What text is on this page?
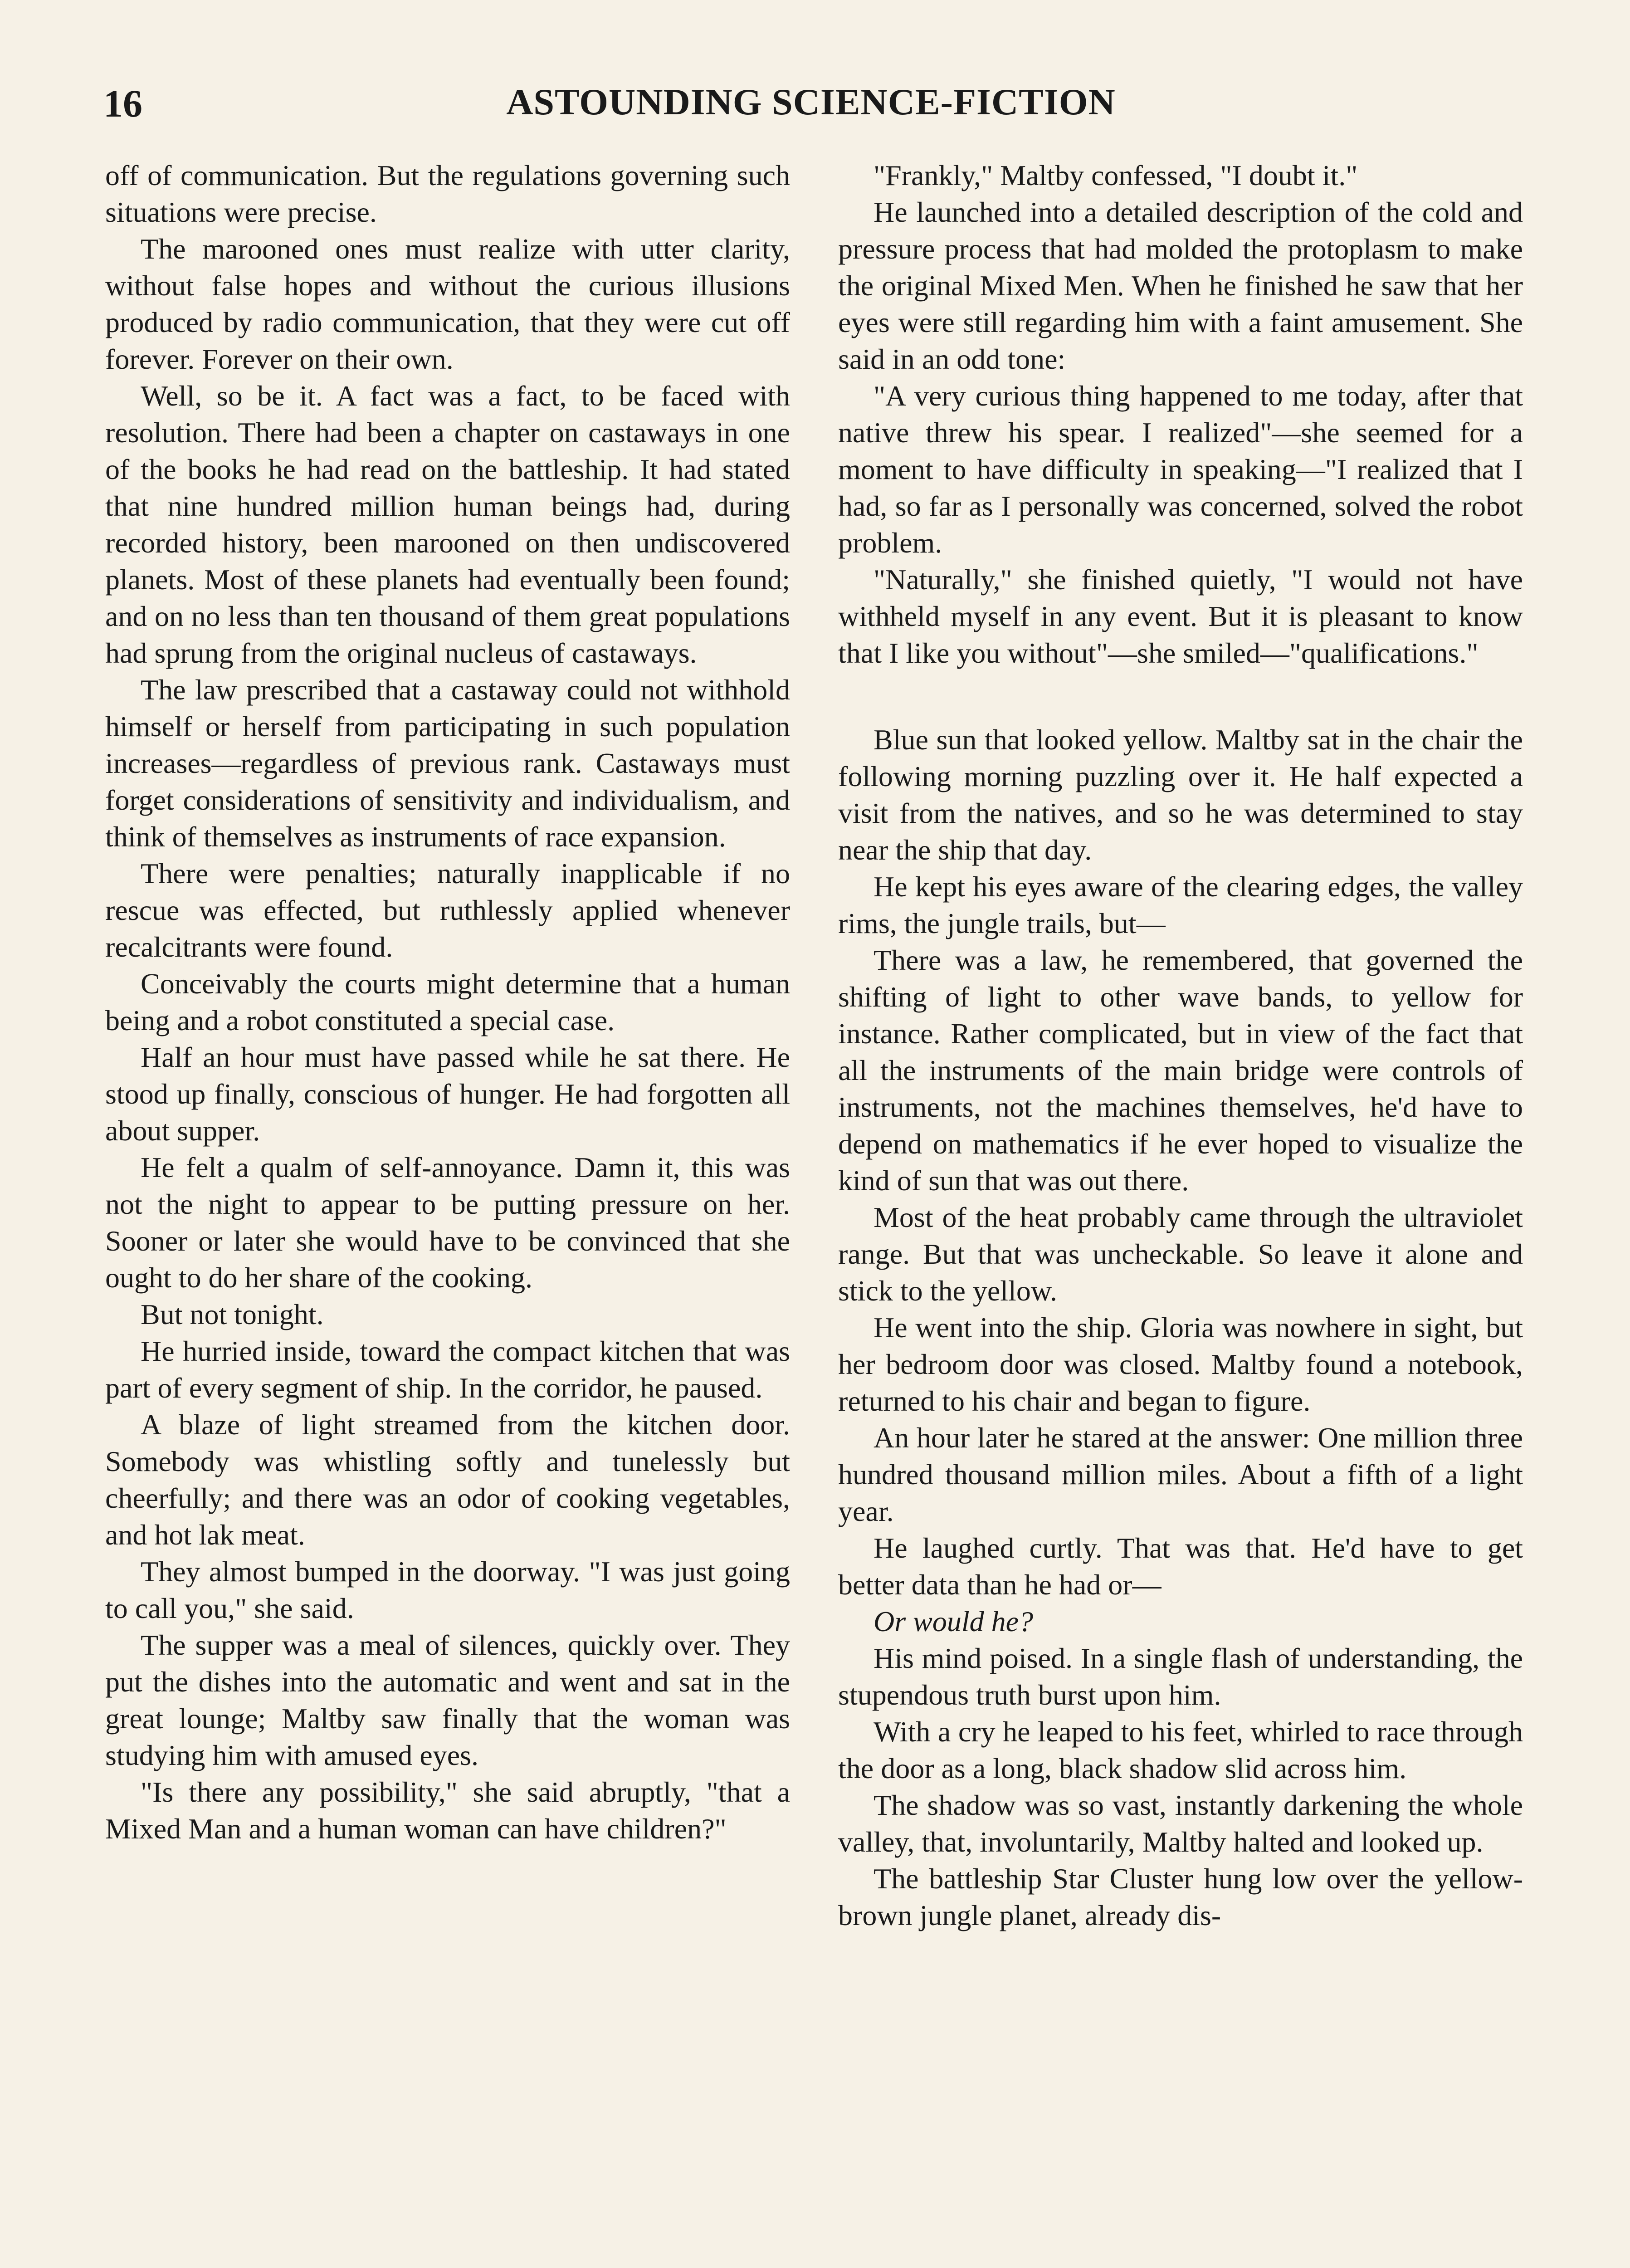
16	ASTOUNDING SCIENCE-FICTION

off of communication. But the regulations governing such situations were precise.

The marooned ones must realize with utter clarity, without false hopes and without the curious illusions produced by radio communication, that they were cut off forever. Forever on their own.

Well, so be it. A fact was a fact, to be faced with resolution. There had been a chapter on castaways in one of the books he had read on the battleship. It had stated that nine hundred million human beings had, during recorded history, been marooned on then undiscovered planets. Most of these planets had eventually been found; and on no less than ten thousand of them great populations had sprung from the original nucleus of castaways.

The law prescribed that a castaway could not withhold himself or herself from participating in such population increases—regardless of previous rank. Castaways must forget considerations of sensitivity and individualism, and think of themselves as instruments of race expansion.

There were penalties; naturally inapplicable if no rescue was effected, but ruthlessly applied whenever recalcitrants were found.

Conceivably the courts might determine that a human being and a robot constituted a special case.

Half an hour must have passed while he sat there. He stood up finally, conscious of hunger. He had forgotten all about supper.

He felt a qualm of self-annoyance. Damn it, this was not the night to appear to be putting pressure on her. Sooner or later she would have to be convinced that she ought to do her share of the cooking.

But not tonight.

He hurried inside, toward the compact kitchen that was part of every segment of ship. In the corridor, he paused.

A blaze of light streamed from the kitchen door. Somebody was whistling softly and tunelessly but cheerfully; and there was an odor of cooking vegetables, and hot lak meat.

They almost bumped in the doorway. "I was just going to call you," she said.

The supper was a meal of silences, quickly over. They put the dishes into the automatic and went and sat in the great lounge; Maltby saw finally that the woman was studying him with amused eyes.

"Is there any possibility," she said abruptly, "that a Mixed Man and a human woman can have children?"

"Frankly," Maltby confessed, "I doubt it."

He launched into a detailed description of the cold and pressure process that had molded the protoplasm to make the original Mixed Men. When he finished he saw that her eyes were still regarding him with a faint amusement. She said in an odd tone:

"A very curious thing happened to me today, after that native threw his spear. I realized"—she seemed for a moment to have difficulty in speaking—"I realized that I had, so far as I personally was concerned, solved the robot problem.

"Naturally," she finished quietly, "I would not have withheld myself in any event. But it is pleasant to know that I like you without"—she smiled—"qualifications."

Blue sun that looked yellow. Maltby sat in the chair the following morning puzzling over it. He half expected a visit from the natives, and so he was determined to stay near the ship that day.

He kept his eyes aware of the clearing edges, the valley rims, the jungle trails, but—

There was a law, he remembered, that governed the shifting of light to other wave bands, to yellow for instance. Rather complicated, but in view of the fact that all the instruments of the main bridge were controls of instruments, not the machines themselves, he'd have to depend on mathematics if he ever hoped to visualize the kind of sun that was out there.

Most of the heat probably came through the ultraviolet range. But that was uncheckable. So leave it alone and stick to the yellow.

He went into the ship. Gloria was nowhere in sight, but her bedroom door was closed. Maltby found a notebook, returned to his chair and began to figure.

An hour later he stared at the answer: One million three hundred thousand million miles. About a fifth of a light year.

He laughed curtly. That was that. He'd have to get better data than he had or—

Or would he?

His mind poised. In a single flash of understanding, the stupendous truth burst upon him.

With a cry he leaped to his feet, whirled to race through the door as a long, black shadow slid across him.

The shadow was so vast, instantly darkening the whole valley, that, involuntarily, Maltby halted and looked up.

The battleship Star Cluster hung low over the yellow-brown jungle planet, already dis-
